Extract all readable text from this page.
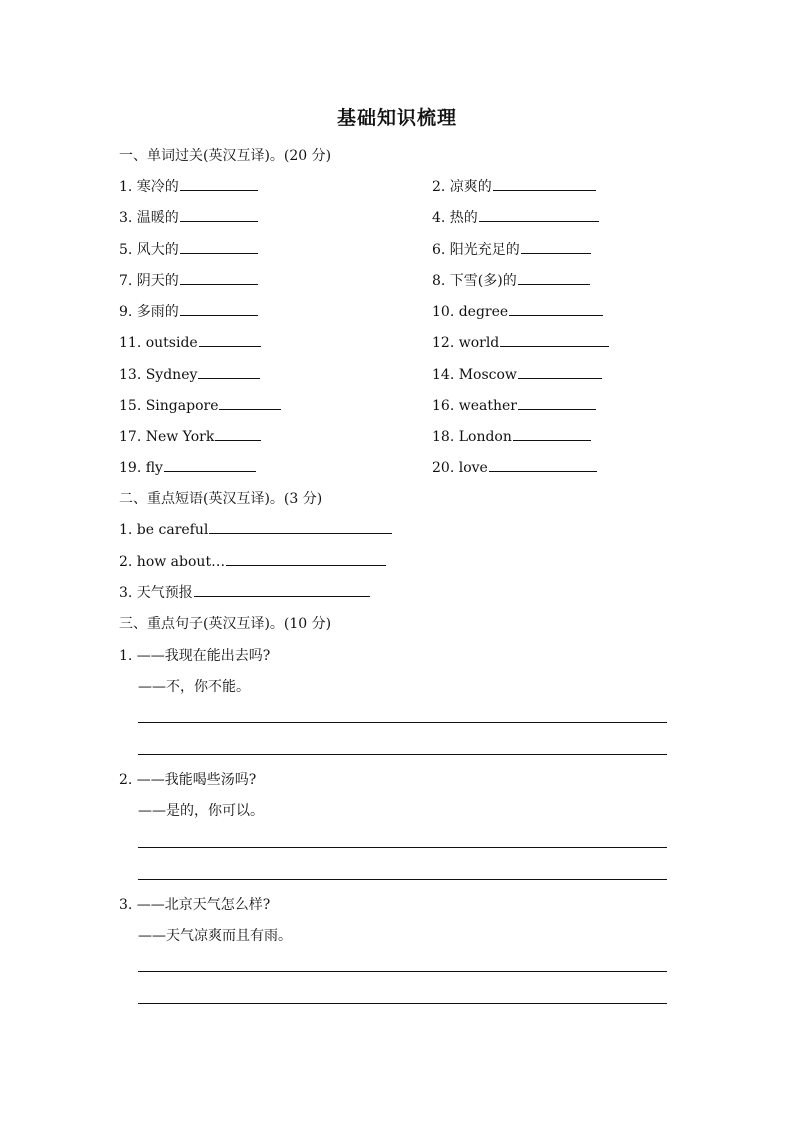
基础知识梳理
一、单词过关(英汉互译)。(20 分)
1. 寒冷的	2. 凉爽的
3. 温暖的	4. 热的
5. 风大的	6. 阳光充足的
7. 阴天的	8. 下雪(多)的
9. 多雨的	10. degree
11. outside	12. world
13. Sydney	14. Moscow
15. Singapore	16. weather
17. New York	18. London
19. fly	20. love
二、重点短语(英汉互译)。(3 分)
1. be careful
2. how about…
3. 天气预报
三、重点句子(英汉互译)。(10 分)
1. ——我现在能出去吗?
——不，你不能。
2. ——我能喝些汤吗?
——是的，你可以。
3. ——北京天气怎么样?
——天气凉爽而且有雨。
